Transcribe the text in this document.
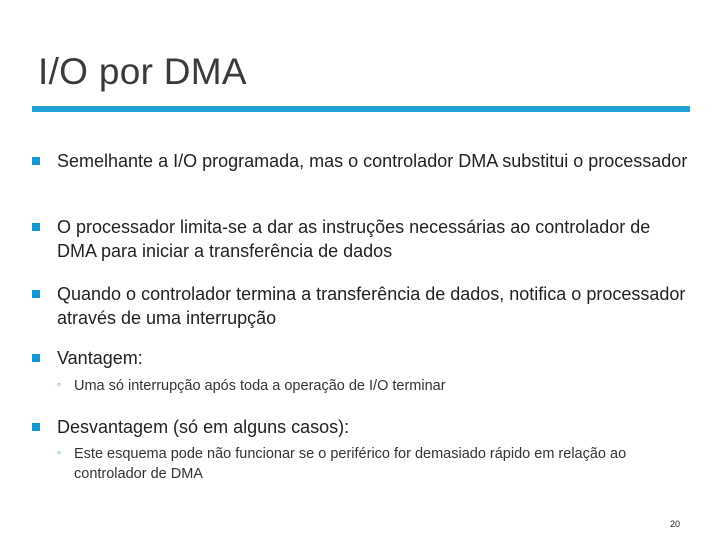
I/O por DMA
Semelhante a I/O programada, mas o controlador DMA substitui o processador
O processador limita-se a dar as instruções necessárias ao controlador de DMA para iniciar a transferência de dados
Quando o controlador termina a transferência de dados, notifica o processador através de uma interrupção
Vantagem:
◦ Uma só interrupção após toda a operação de I/O terminar
Desvantagem (só em alguns casos):
◦ Este esquema pode não funcionar se o periférico for demasiado rápido em relação ao controlador de DMA
20
